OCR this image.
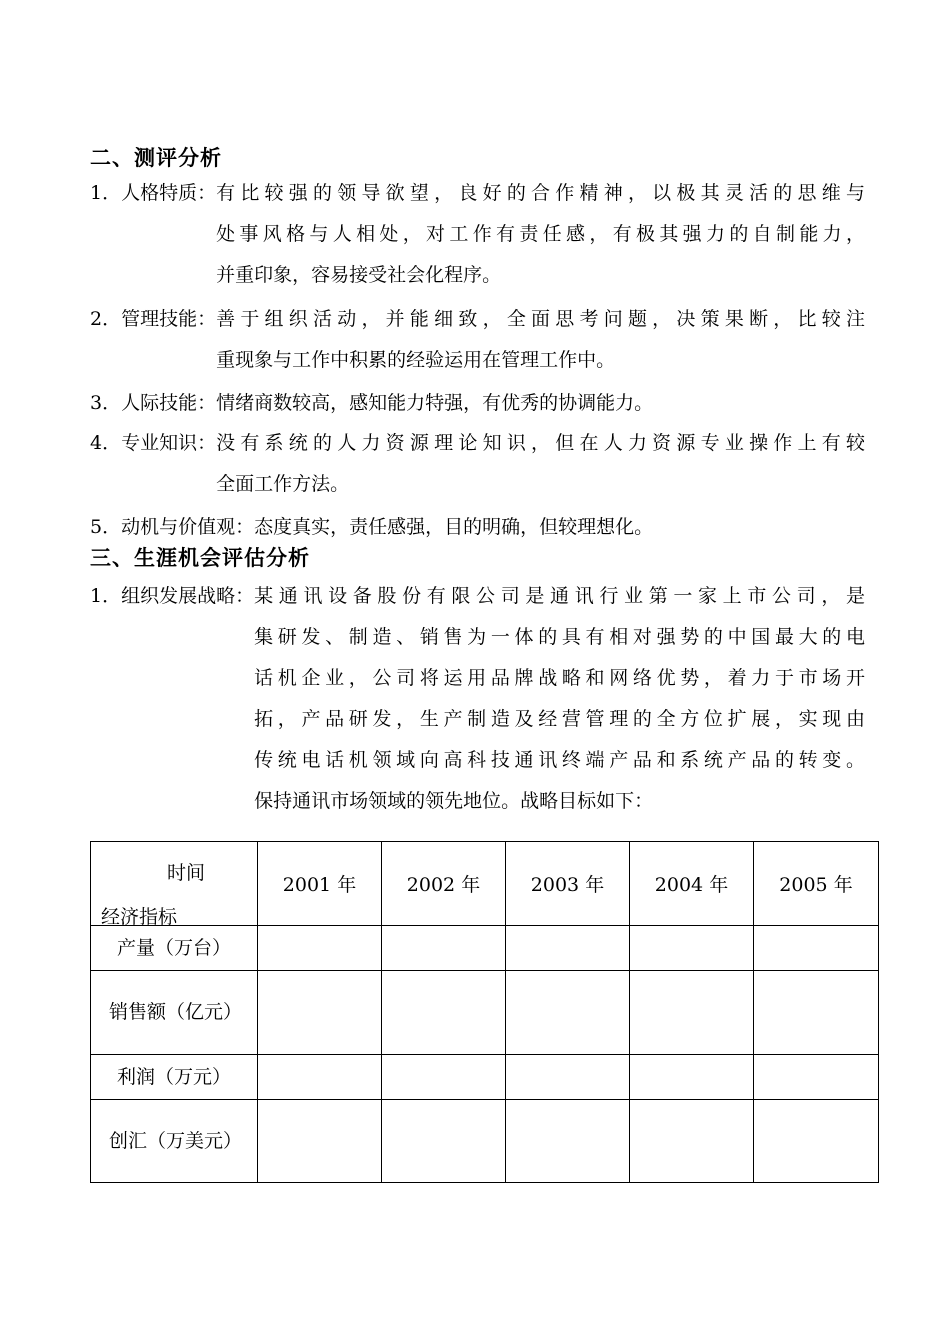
二、测评分析
1．人格特质： 有比较强的领导欲望，良好的合作精神，以极其灵活的思维与
处事风格与人相处，对工作有责任感，有极其强力的自制能力，
并重印象，容易接受社会化程序。
2．管理技能： 善于组织活动，并能细致，全面思考问题，决策果断，比较注
重现象与工作中积累的经验运用在管理工作中。
3．人际技能： 情绪商数较高，感知能力特强，有优秀的协调能力。
4．专业知识： 没有系统的人力资源理论知识，但在人力资源专业操作上有较
全面工作方法。
5．动机与价值观： 态度真实，责任感强，目的明确，但较理想化。
三、生涯机会评估分析
1．组织发展战略： 某通讯设备股份有限公司是通讯行业第一家上市公司，是
集研发、制造、销售为一体的具有相对强势的中国最大的电
话机企业，公司将运用品牌战略和网络优势，着力于市场开
拓，产品研发，生产制造及经营管理的全方位扩展，实现由
传统电话机领域向高科技通讯终端产品和系统产品的转变。
保持通讯市场领域的领先地位。战略目标如下：
时间
经济指标	2001 年	2002 年	2003 年	2004 年	2005 年
产量（万台）					
销售额（亿元）					
利润（万元）					
创汇（万美元）					
